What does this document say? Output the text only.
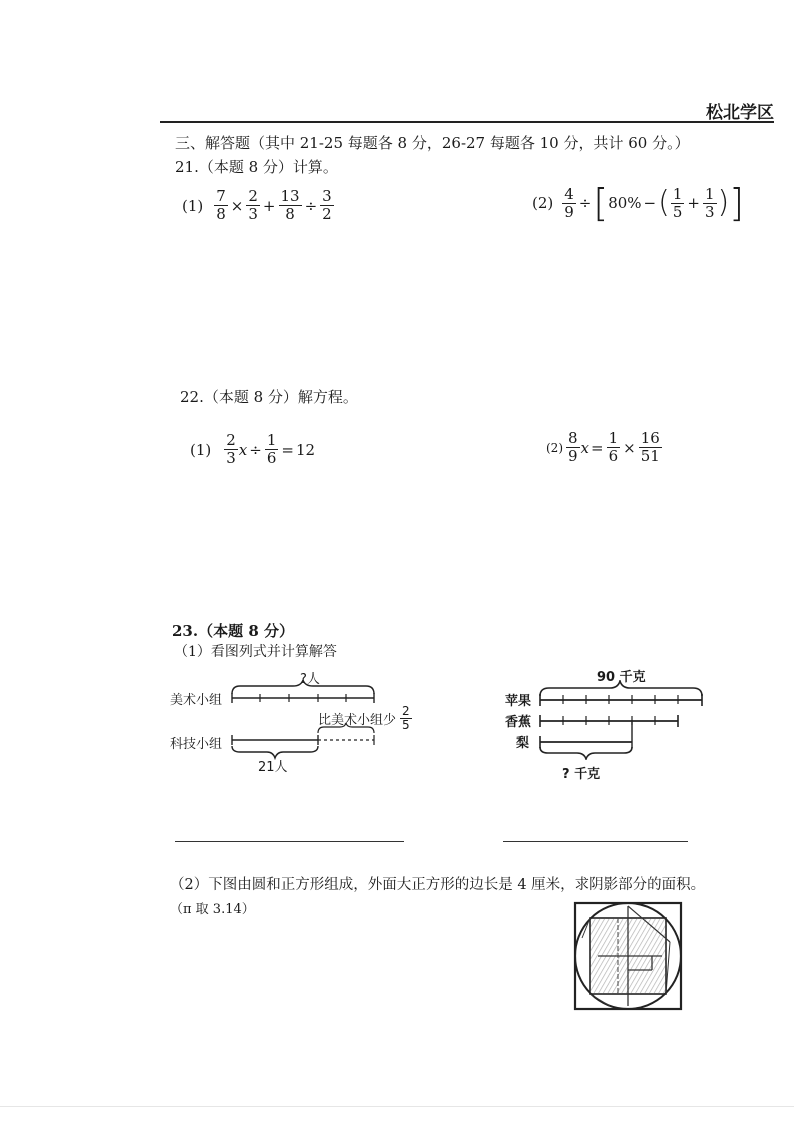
松北学区
三、解答题（其中 21-25 每题各 8 分，26-27 每题各 10 分，共计 60 分。）
21.（本题 8 分）计算。
$(1) \frac{7}{8} \times \frac{2}{3} + \frac{13}{8} \div \frac{3}{2}$	$(2) \frac{4}{9}$ ÷ [ 80% − ( $\frac{1}{5} + \frac{1}{3}$ ) ]
22.（本题 8 分）解方程。
$(1) \frac{2}{3}$ $x \div \frac{1}{6} = 12$	$(2) \frac{8}{9}$ $x = \frac{1}{6} \times \frac{16}{51}$
23.（本题 8 分）
（1）看图列式并计算解答
?人
美术小组
科技小组
比美术小组少 $\frac{2}{5}$
21人
90 千克
苹果
香蕉
梨
? 千克
（2）下图由圆和正方形组成，外面大正方形的边长是 4 厘米，求阴影部分的面积。
（π 取 3.14）
